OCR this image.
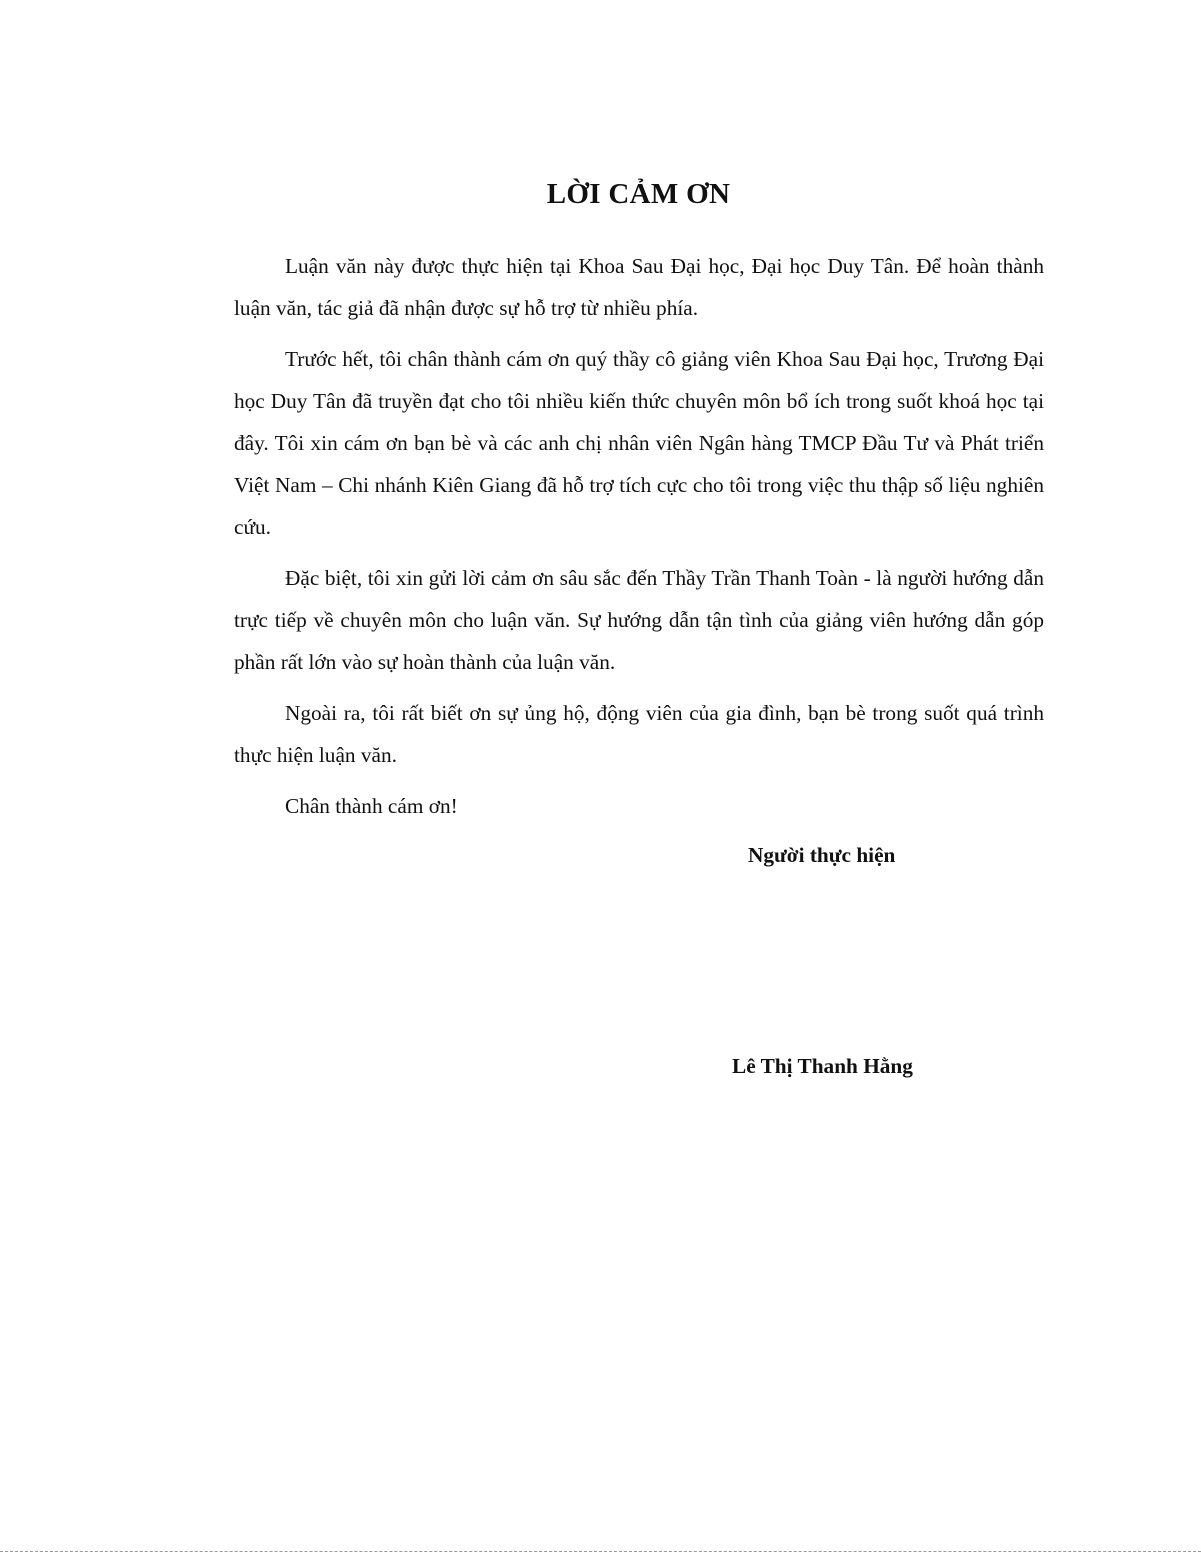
LỜI CẢM ƠN

Luận văn này được thực hiện tại Khoa Sau Đại học, Đại học Duy Tân. Để hoàn thành luận văn, tác giả đã nhận được sự hỗ trợ từ nhiều phía.

Trước hết, tôi chân thành cám ơn quý thầy cô giảng viên Khoa Sau Đại học, Trương Đại học Duy Tân đã truyền đạt cho tôi nhiều kiến thức chuyên môn bổ ích trong suốt khoá học tại đây. Tôi xin cám ơn bạn bè và các anh chị nhân viên Ngân hàng TMCP Đầu Tư và Phát triển Việt Nam – Chi nhánh Kiên Giang đã hỗ trợ tích cực cho tôi trong việc thu thập số liệu nghiên cứu.

Đặc biệt, tôi xin gửi lời cảm ơn sâu sắc đến Thầy Trần Thanh Toàn - là người hướng dẫn trực tiếp về chuyên môn cho luận văn. Sự hướng dẫn tận tình của giảng viên hướng dẫn góp phần rất lớn vào sự hoàn thành của luận văn.

Ngoài ra, tôi rất biết ơn sự ủng hộ, động viên của gia đình, bạn bè trong suốt quá trình thực hiện luận văn.

Chân thành cám ơn!

Người thực hiện
Lê Thị Thanh Hằng
